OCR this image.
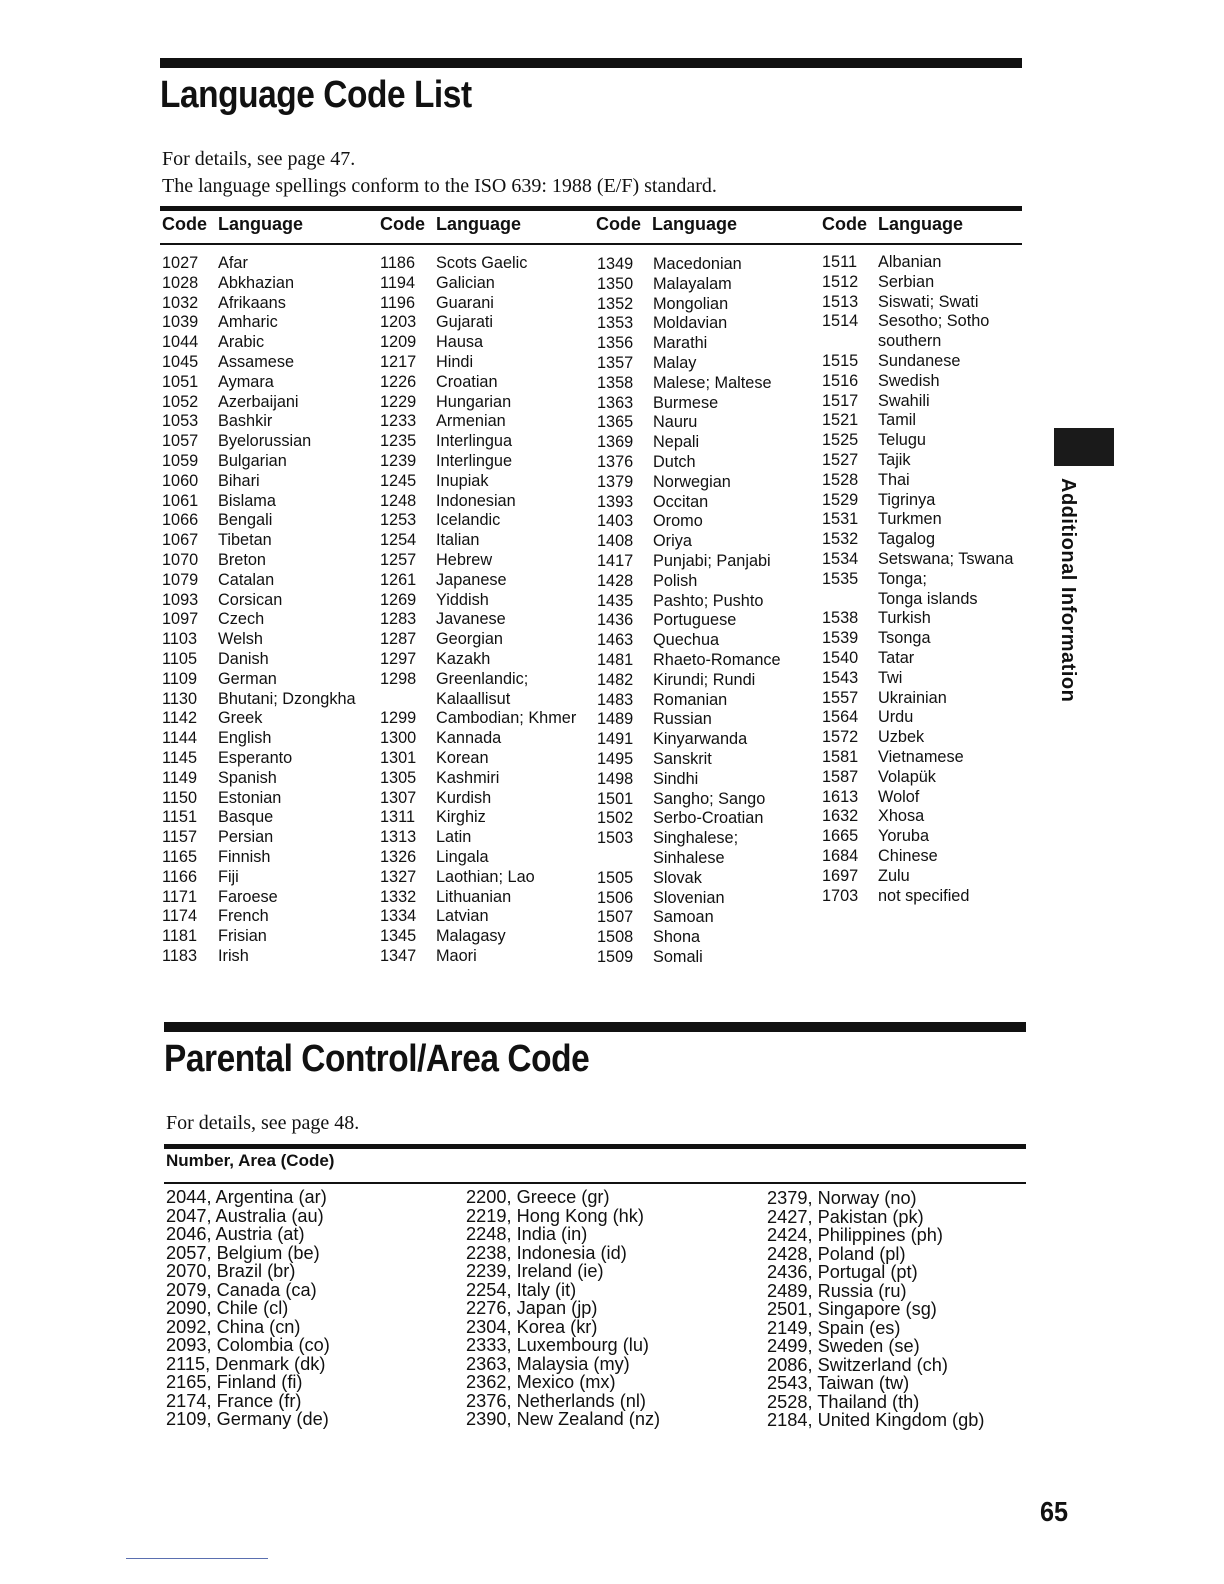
Language Code List
For details, see page 47.
The language spellings conform to the ISO 639: 1988 (E/F) standard.
Code Language	Code Language	Code Language	Code Language
1027	Afar
1028	Abkhazian
1032	Afrikaans
1039	Amharic
1044	Arabic
1045	Assamese
1051	Aymara
1052	Azerbaijani
1053	Bashkir
1057	Byelorussian
1059	Bulgarian
1060	Bihari
1061	Bislama
1066	Bengali
1067	Tibetan
1070	Breton
1079	Catalan
1093	Corsican
1097	Czech
1103	Welsh
1105	Danish
1109	German
1130	Bhutani; Dzongkha
1142	Greek
1144	English
1145	Esperanto
1149	Spanish
1150	Estonian
1151	Basque
1157	Persian
1165	Finnish
1166	Fiji
1171	Faroese
1174	French
1181	Frisian
1183	Irish
1186	Scots Gaelic
1194	Galician
1196	Guarani
1203	Gujarati
1209	Hausa
1217	Hindi
1226	Croatian
1229	Hungarian
1233	Armenian
1235	Interlingua
1239	Interlingue
1245	Inupiak
1248	Indonesian
1253	Icelandic
1254	Italian
1257	Hebrew
1261	Japanese
1269	Yiddish
1283	Javanese
1287	Georgian
1297	Kazakh
1298	Greenlandic;
Kalaallisut
1299	Cambodian; Khmer
1300	Kannada
1301	Korean
1305	Kashmiri
1307	Kurdish
1311	Kirghiz
1313	Latin
1326	Lingala
1327	Laothian; Lao
1332	Lithuanian
1334	Latvian
1345	Malagasy
1347	Maori
1349	Macedonian
1350	Malayalam
1352	Mongolian
1353	Moldavian
1356	Marathi
1357	Malay
1358	Malese; Maltese
1363	Burmese
1365	Nauru
1369	Nepali
1376	Dutch
1379	Norwegian
1393	Occitan
1403	Oromo
1408	Oriya
1417	Punjabi; Panjabi
1428	Polish
1435	Pashto; Pushto
1436	Portuguese
1463	Quechua
1481	Rhaeto-Romance
1482	Kirundi; Rundi
1483	Romanian
1489	Russian
1491	Kinyarwanda
1495	Sanskrit
1498	Sindhi
1501	Sangho; Sango
1502	Serbo-Croatian
1503	Singhalese;
Sinhalese
1505	Slovak
1506	Slovenian
1507	Samoan
1508	Shona
1509	Somali
1511	Albanian
1512	Serbian
1513	Siswati; Swati
1514	Sesotho; Sotho
southern
1515	Sundanese
1516	Swedish
1517	Swahili
1521	Tamil
1525	Telugu
1527	Tajik
1528	Thai
1529	Tigrinya
1531	Turkmen
1532	Tagalog
1534	Setswana; Tswana
1535	Tonga;
Tonga islands
1538	Turkish
1539	Tsonga
1540	Tatar
1543	Twi
1557	Ukrainian
1564	Urdu
1572	Uzbek
1581	Vietnamese
1587	Volapük
1613	Wolof
1632	Xhosa
1665	Yoruba
1684	Chinese
1697	Zulu
1703	not specified
Parental Control/Area Code
For details, see page 48.
Number, Area (Code)
2044, Argentina (ar)
2047, Australia (au)
2046, Austria (at)
2057, Belgium (be)
2070, Brazil (br)
2079, Canada (ca)
2090, Chile (cl)
2092, China (cn)
2093, Colombia (co)
2115, Denmark (dk)
2165, Finland (fi)
2174, France (fr)
2109, Germany (de)
2200, Greece (gr)
2219, Hong Kong (hk)
2248, India (in)
2238, Indonesia (id)
2239, Ireland (ie)
2254, Italy (it)
2276, Japan (jp)
2304, Korea (kr)
2333, Luxembourg (lu)
2363, Malaysia (my)
2362, Mexico (mx)
2376, Netherlands (nl)
2390, New Zealand (nz)
2379, Norway (no)
2427, Pakistan (pk)
2424, Philippines (ph)
2428, Poland (pl)
2436, Portugal (pt)
2489, Russia (ru)
2501, Singapore (sg)
2149, Spain (es)
2499, Sweden (se)
2086, Switzerland (ch)
2543, Taiwan (tw)
2528, Thailand (th)
2184, United Kingdom (gb)
Additional Information
65
